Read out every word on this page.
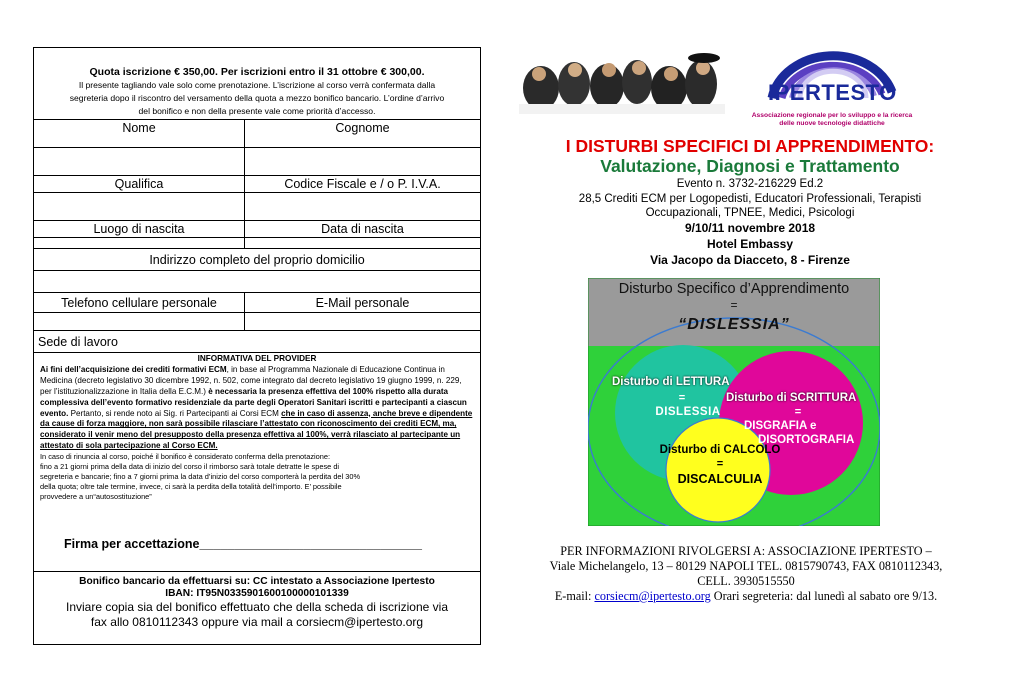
Quota iscrizione € 350,00. Per iscrizioni entro il 31 ottobre € 300,00.
Il presente tagliando vale solo come prenotazione. L’iscrizione al corso verrà confermata dalla
segreteria dopo il riscontro del versamento della quota a mezzo bonifico bancario. L’ordine d’arrivo
del bonifico e non della presente vale come priorità d’accesso.
Nome	Cognome
Qualifica	Codice Fiscale e / o P. I.V.A.
Luogo di nascita	Data di nascita
Indirizzo completo del proprio domicilio
Telefono cellulare personale	E-Mail personale
Sede di lavoro
INFORMATIVA DEL PROVIDER
Ai fini dell’acquisizione dei crediti formativi ECM, in base al Programma Nazionale di Educazione Continua in Medicina (decreto legislativo 30 dicembre 1992, n. 502, come integrato dal decreto legislativo 19 giugno 1999, n. 229, per l’istituzionalizzazione in Italia della E.C.M.) è necessaria la presenza effettiva del 100% rispetto alla durata complessiva dell’evento formativo residenziale da parte degli Operatori Sanitari iscritti e partecipanti a ciascun evento. Pertanto, si rende noto ai Sig. ri Partecipanti ai Corsi ECM che in caso di assenza, anche breve e dipendente da cause di forza maggiore, non sarà possibile rilasciare l’attestato con riconoscimento dei crediti ECM, ma, considerato il venir meno del presupposto della presenza effettiva al 100%, verrà rilasciato al partecipante un attestato di sola partecipazione al Corso ECM.
In caso di rinuncia al corso, poiché il bonifico è considerato conferma della prenotazione:
fino a 21 giorni prima della data di inizio del corso il rimborso sarà totale detratte le spese di
segreteria e bancarie; fino a 7 giorni prima la data d’inizio del corso comporterà la perdita del 30%
della quota; oltre tale termine, invece, ci sarà la perdita della totalità dell’importo. E’ possibile
provvedere a un“autosostituzione”
Firma per accettazione________________________________
Bonifico bancario da effettuarsi su: CC intestato a Associazione Ipertesto
IBAN: IT95N0335901600100000101339
Inviare copia sia del bonifico effettuato che della scheda di iscrizione via
fax allo 0810112343 oppure via mail a corsiecm@ipertesto.org
IPERTESTO
Associazione regionale per lo sviluppo e la ricerca
delle nuove tecnologie didattiche
I DISTURBI SPECIFICI DI APPRENDIMENTO:
Valutazione, Diagnosi e Trattamento
Evento n. 3732-216229 Ed.2
28,5 Crediti ECM per Logopedisti, Educatori Professionali, Terapisti
Occupazionali, TPNEE, Medici, Psicologi
9/10/11 novembre 2018
Hotel Embassy
Via Jacopo da Diacceto, 8 - Firenze
Disturbo Specifico d’Apprendimento
=
“DISLESSIA”
Disturbo di LETTURA
=
DISLESSIA
Disturbo di SCRITTURA
=
DISGRAFIA e
DISORTOGRAFIA
Disturbo di CALCOLO
=
DISCALCULIA
PER INFORMAZIONI RIVOLGERSI A: ASSOCIAZIONE IPERTESTO –
Viale Michelangelo, 13 – 80129 NAPOLI TEL. 0815790743, FAX 0810112343,
CELL. 3930515550
E-mail: corsiecm@ipertesto.org Orari segreteria: dal lunedì al sabato ore 9/13.
